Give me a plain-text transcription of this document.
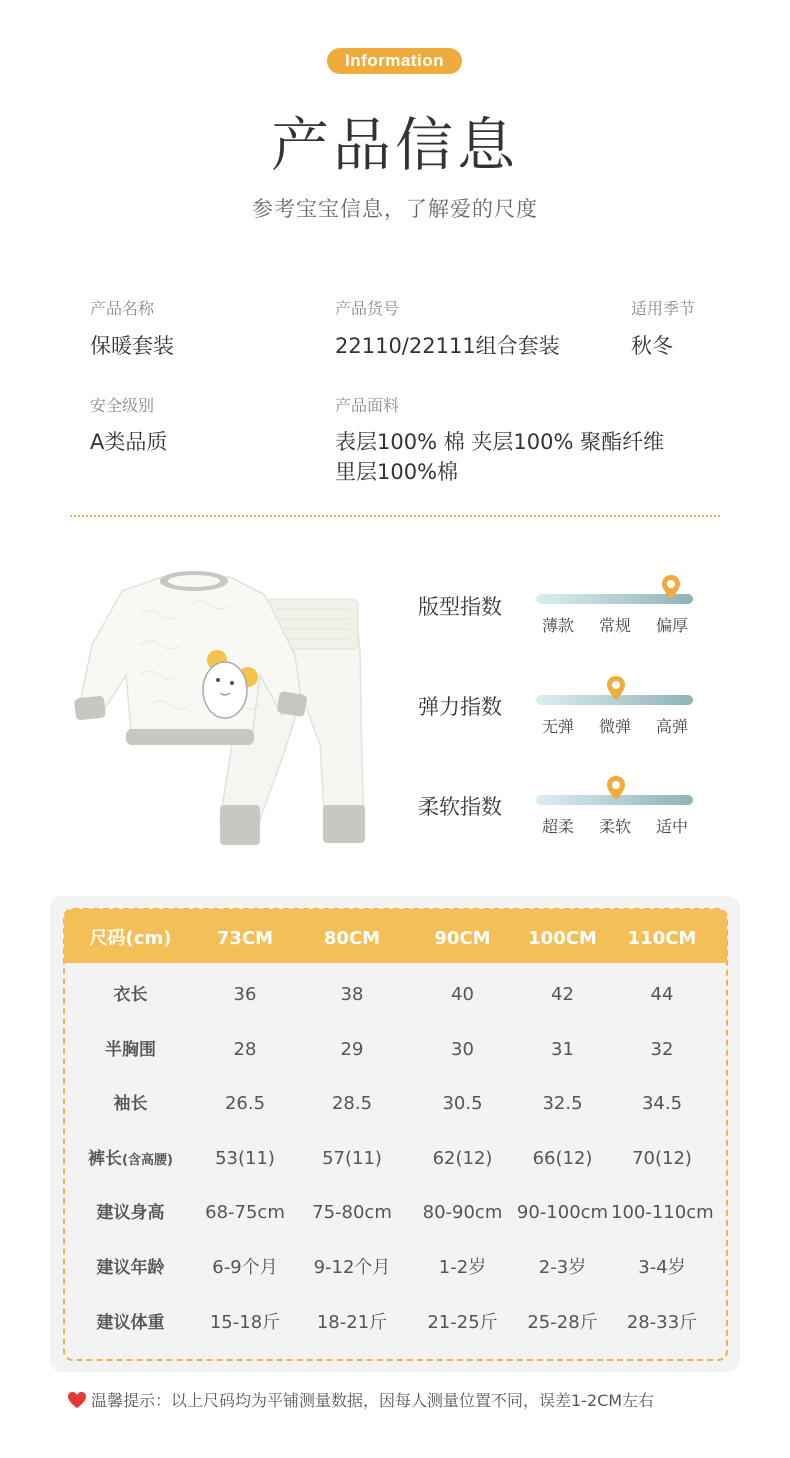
Information
产品信息
参考宝宝信息，了解爱的尺度
产品名称
保暖套装
产品货号
22110/22111组合套装
适用季节
秋冬
安全级别
A类品质
产品面料
表层100% 棉 夹层100% 聚酯纤维
里层100%棉
版型指数
薄款	常规	偏厚
弹力指数
无弹	微弹	高弹
柔软指数
超柔	柔软	适中
尺码(cm)	73CM	80CM	90CM	100CM	110CM
衣长	36	38	40	42	44
半胸围	28	29	30	31	32
袖长	26.5	28.5	30.5	32.5	34.5
裤长(含高腰)	53(11)	57(11)	62(12)	66(12)	70(12)
建议身高	68-75cm	75-80cm	80-90cm 90-100cm 100-110cm
建议年龄	6-9个月	9-12个月	1-2岁	2-3岁	3-4岁
建议体重	15-18斤	18-21斤	21-25斤	25-28斤	28-33斤
温馨提示：以上尺码均为平铺测量数据，因每人测量位置不同，误差1-2CM左右
